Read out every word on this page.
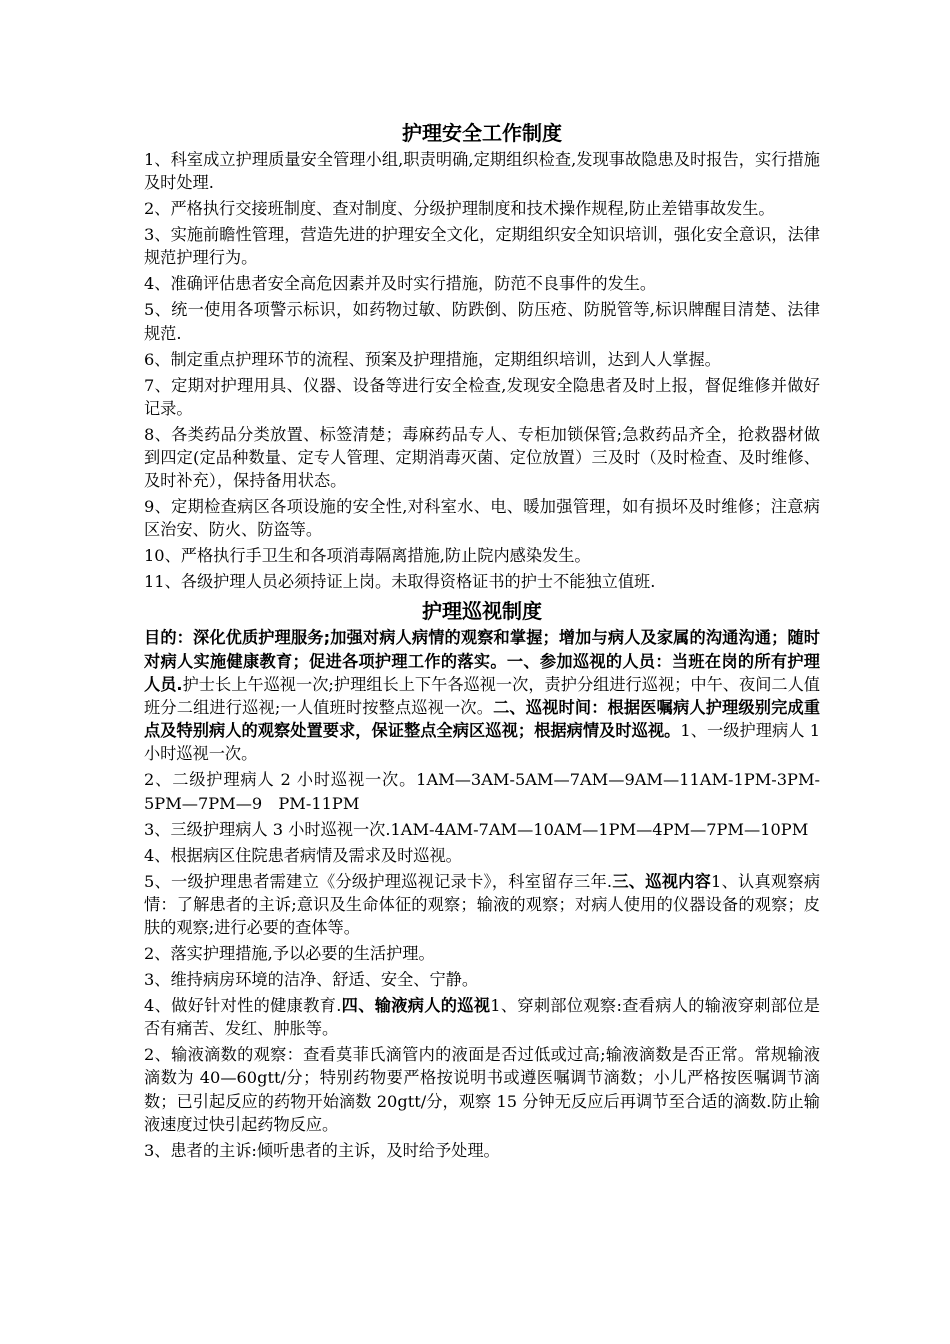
护理安全工作制度

1、科室成立护理质量安全管理小组,职责明确,定期组织检查,发现事故隐患及时报告，实行措施及时处理.

2、严格执行交接班制度、查对制度、分级护理制度和技术操作规程,防止差错事故发生。

3、实施前瞻性管理，营造先进的护理安全文化，定期组织安全知识培训，强化安全意识，法律规范护理行为。

4、准确评估患者安全高危因素并及时实行措施，防范不良事件的发生。

5、统一使用各项警示标识，如药物过敏、防跌倒、防压疮、防脱管等,标识牌醒目清楚、法律规范.

6、制定重点护理环节的流程、预案及护理措施，定期组织培训，达到人人掌握。

7、定期对护理用具、仪器、设备等进行安全检查,发现安全隐患者及时上报，督促维修并做好记录。

8、各类药品分类放置、标签清楚；毒麻药品专人、专柜加锁保管;急救药品齐全，抢救器材做到四定(定品种数量、定专人管理、定期消毒灭菌、定位放置）三及时（及时检查、及时维修、及时补充），保持备用状态。

9、定期检查病区各项设施的安全性,对科室水、电、暖加强管理，如有损坏及时维修；注意病区治安、防火、防盗等。

10、严格执行手卫生和各项消毒隔离措施,防止院内感染发生。

11、各级护理人员必须持证上岗。未取得资格证书的护士不能独立值班.

护理巡视制度

目的：深化优质护理服务;加强对病人病情的观察和掌握；增加与病人及家属的沟通沟通；随时对病人实施健康教育；促进各项护理工作的落实。一、参加巡视的人员：当班在岗的所有护理人员.护士长上午巡视一次;护理组长上下午各巡视一次，责护分组进行巡视；中午、夜间二人值班分二组进行巡视;一人值班时按整点巡视一次。二、巡视时间：根据医嘱病人护理级别完成重点及特别病人的观察处置要求，保证整点全病区巡视；根据病情及时巡视。1、一级护理病人 1 小时巡视一次。

2、二级护理病人 2 小时巡视一次。1AM—3AM-5AM—7AM—9AM—11AM-1PM-3PM-5PM—7PM—9　PM-11PM

3、三级护理病人 3 小时巡视一次.1AM-4AM-7AM—10AM—1PM—4PM—7PM—10PM

4、根据病区住院患者病情及需求及时巡视。

5、一级护理患者需建立《分级护理巡视记录卡》，科室留存三年.三、巡视内容1、认真观察病情：了解患者的主诉;意识及生命体征的观察；输液的观察；对病人使用的仪器设备的观察；皮肤的观察;进行必要的查体等。

2、落实护理措施,予以必要的生活护理。

3、维持病房环境的洁净、舒适、安全、宁静。

4、做好针对性的健康教育.四、输液病人的巡视1、穿刺部位观察:查看病人的输液穿刺部位是否有痛苦、发红、肿胀等。

2、输液滴数的观察：查看莫菲氏滴管内的液面是否过低或过高;输液滴数是否正常。常规输液滴数为 40—60gtt/分；特别药物要严格按说明书或遵医嘱调节滴数；小儿严格按医嘱调节滴数；已引起反应的药物开始滴数 20gtt/分，观察 15 分钟无反应后再调节至合适的滴数.防止输液速度过快引起药物反应。

3、患者的主诉:倾听患者的主诉，及时给予处理。
